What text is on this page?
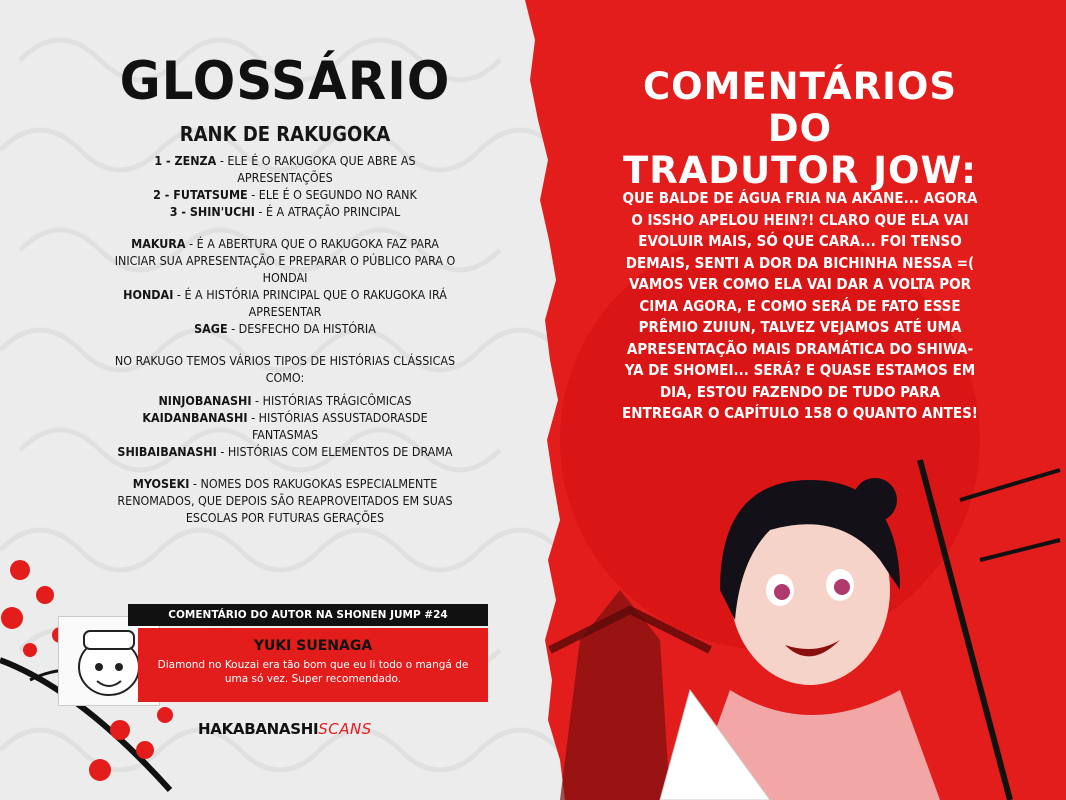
GLOSSÁRIO
RANK DE RAKUGOKA

1 - ZENZA - ELE É O RAKUGOKA QUE ABRE AS APRESENTAÇÕES

2 - FUTATSUME - ELE É O SEGUNDO NO RANK

3 - SHIN'UCHI - É A ATRAÇÃO PRINCIPAL

MAKURA - É A ABERTURA QUE O RAKUGOKA FAZ PARA INICIAR SUA APRESENTAÇÃO E PREPARAR O PÚBLICO PARA O HONDAI

HONDAI - É A HISTÓRIA PRINCIPAL QUE O RAKUGOKA IRÁ APRESENTAR

SAGE - DESFECHO DA HISTÓRIA

NO RAKUGO TEMOS VÁRIOS TIPOS DE HISTÓRIAS CLÁSSICAS COMO:

NINJOBANASHI - HISTÓRIAS TRÁGICÔMICAS

KAIDANBANASHI - HISTÓRIAS ASSUSTADORASDE FANTASMAS

SHIBAIBANASHI - HISTÓRIAS COM ELEMENTOS DE DRAMA

MYOSEKI - NOMES DOS RAKUGOKAS ESPECIALMENTE RENOMADOS, QUE DEPOIS SÃO REAPROVEITADOS EM SUAS ESCOLAS POR FUTURAS GERAÇÕES

COMENTÁRIO DO AUTOR NA SHONEN JUMP #24
YUKI SUENAGA
Diamond no Kouzai era tão bom que eu li todo o mangá de uma só vez. Super recomendado.
HAKABANASHISCANS
COMENTÁRIOS DO
TRADUTOR JOW:
QUE BALDE DE ÁGUA FRIA NA AKANE... AGORA O ISSHO APELOU HEIN?! CLARO QUE ELA VAI EVOLUIR MAIS, SÓ QUE CARA... FOI TENSO DEMAIS, SENTI A DOR DA BICHINHA NESSA =( VAMOS VER COMO ELA VAI DAR A VOLTA POR CIMA AGORA, E COMO SERÁ DE FATO ESSE PRÊMIO ZUIUN, TALVEZ VEJAMOS ATÉ UMA APRESENTAÇÃO MAIS DRAMÁTICA DO SHIWA-YA DE SHOMEI... SERÁ? E QUASE ESTAMOS EM DIA, ESTOU FAZENDO DE TUDO PARA ENTREGAR O CAPÍTULO 158 O QUANTO ANTES!
